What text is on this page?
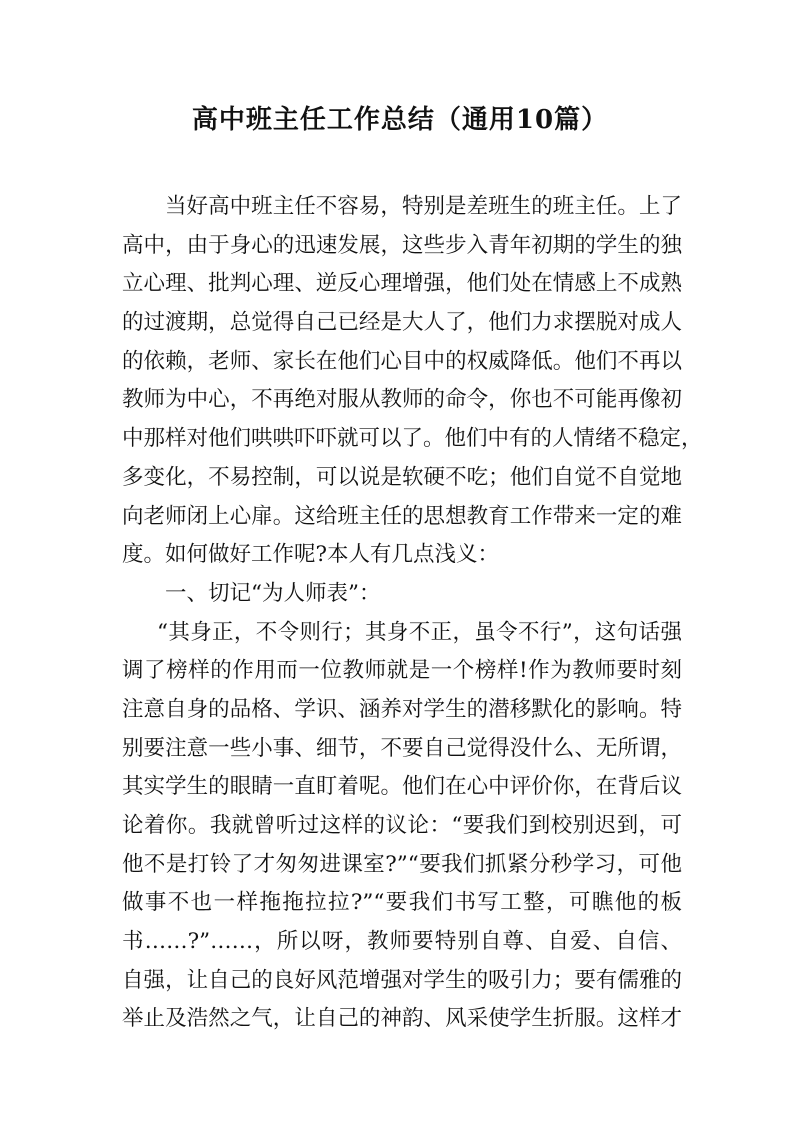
高中班主任工作总结（通用10篇）

当好高中班主任不容易，特别是差班生的班主任。上了

高中，由于身心的迅速发展，这些步入青年初期的学生的独

立心理、批判心理、逆反心理增强，他们处在情感上不成熟

的过渡期，总觉得自己已经是大人了，他们力求摆脱对成人

的依赖，老师、家长在他们心目中的权威降低。他们不再以

教师为中心，不再绝对服从教师的命令，你也不可能再像初

中那样对他们哄哄吓吓就可以了。他们中有的人情绪不稳定，

多变化，不易控制，可以说是软硬不吃；他们自觉不自觉地

向老师闭上心扉。这给班主任的思想教育工作带来一定的难

度。如何做好工作呢?本人有几点浅义：

一、切记“为人师表”：

“其身正，不令则行；其身不正，虽令不行”，这句话强

调了榜样的作用而一位教师就是一个榜样!作为教师要时刻

注意自身的品格、学识、涵养对学生的潜移默化的影响。特

别要注意一些小事、细节，不要自己觉得没什么、无所谓，

其实学生的眼睛一直盯着呢。他们在心中评价你，在背后议

论着你。我就曾听过这样的议论：“要我们到校别迟到，可

他不是打铃了才匆匆进课室?”“要我们抓紧分秒学习，可他

做事不也一样拖拖拉拉?”“要我们书写工整，可瞧他的板

书……?”……，所以呀，教师要特别自尊、自爱、自信、

自强，让自己的良好风范增强对学生的吸引力；要有儒雅的

举止及浩然之气，让自己的神韵、风采使学生折服。这样才
